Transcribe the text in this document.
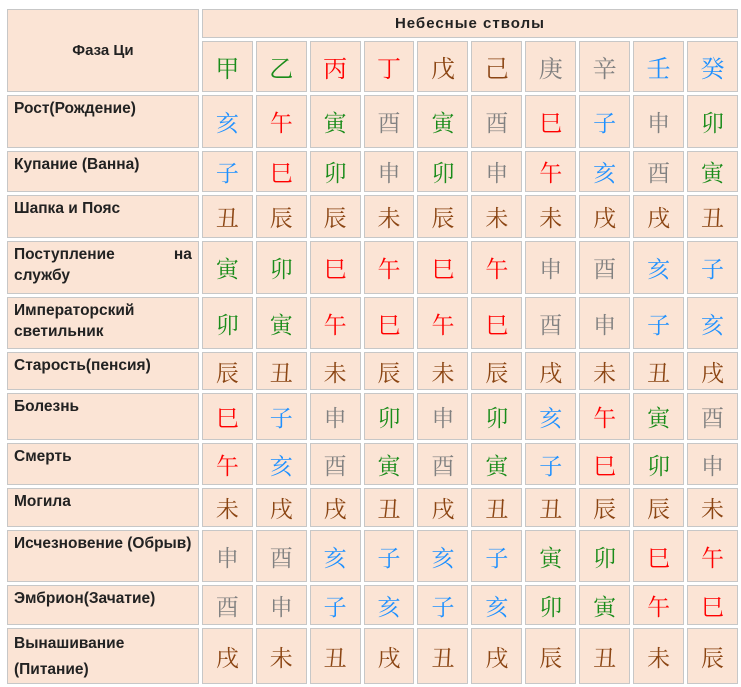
Фаза Ци	Небесные стволы									
	甲	乙	丙	丁	戊	己	庚	辛	壬	癸
Рост(Рождение)	亥	午	寅	酉	寅	酉	巳	子	申	卯
Купание (Ванна)	子	巳	卯	申	卯	申	午	亥	酉	寅
Шапка и Пояс	丑	辰	辰	未	辰	未	未	戌	戌	丑
Поступление на службу	寅	卯	巳	午	巳	午	申	酉	亥	子
Императорский светильник	卯	寅	午	巳	午	巳	酉	申	子	亥
Старость(пенсия)	辰	丑	未	辰	未	辰	戌	未	丑	戌
Болезнь	巳	子	申	卯	申	卯	亥	午	寅	酉
Смерть	午	亥	酉	寅	酉	寅	子	巳	卯	申
Могила	未	戌	戌	丑	戌	丑	丑	辰	辰	未
Исчезновение (Обрыв)	申	酉	亥	子	亥	子	寅	卯	巳	午
Эмбрион(Зачатие)	酉	申	子	亥	子	亥	卯	寅	午	巳
Вынашивание (Питание)	戌	未	丑	戌	丑	戌	辰	丑	未	辰
